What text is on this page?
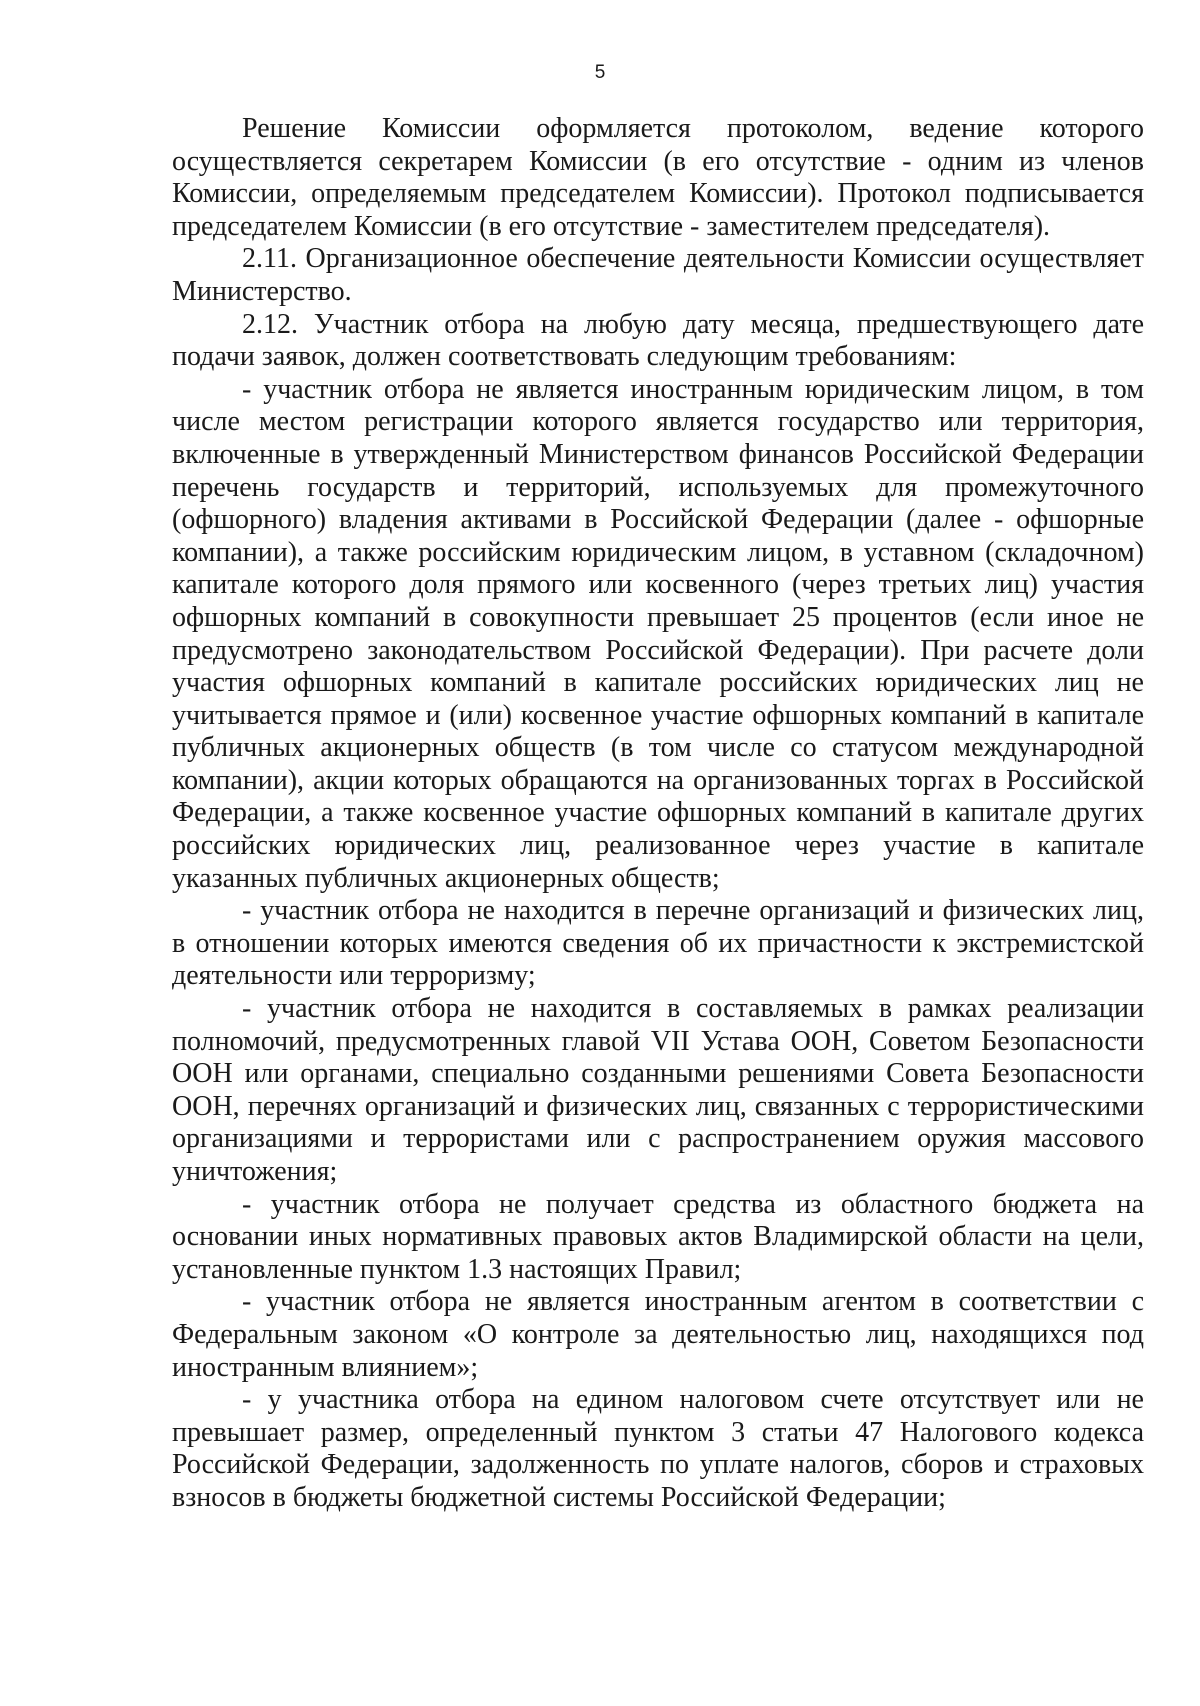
5

Решение Комиссии оформляется протоколом, ведение которого осуществляется секретарем Комиссии (в его отсутствие - одним из членов Комиссии, определяемым председателем Комиссии). Протокол подписывается председателем Комиссии (в его отсутствие - заместителем председателя).

2.11. Организационное обеспечение деятельности Комиссии осуществляет Министерство.

2.12. Участник отбора на любую дату месяца, предшествующего дате подачи заявок, должен соответствовать следующим требованиям:

- участник отбора не является иностранным юридическим лицом, в том числе местом регистрации которого является государство или территория, включенные в утвержденный Министерством финансов Российской Федерации перечень государств и территорий, используемых для промежуточного (офшорного) владения активами в Российской Федерации (далее - офшорные компании), а также российским юридическим лицом, в уставном (складочном) капитале которого доля прямого или косвенного (через третьих лиц) участия офшорных компаний в совокупности превышает 25 процентов (если иное не предусмотрено законодательством Российской Федерации). При расчете доли участия офшорных компаний в капитале российских юридических лиц не учитывается прямое и (или) косвенное участие офшорных компаний в капитале публичных акционерных обществ (в том числе со статусом международной компании), акции которых обращаются на организованных торгах в Российской Федерации, а также косвенное участие офшорных компаний в капитале других российских юридических лиц, реализованное через участие в капитале указанных публичных акционерных обществ;

- участник отбора не находится в перечне организаций и физических лиц, в отношении которых имеются сведения об их причастности к экстремистской деятельности или терроризму;

- участник отбора не находится в составляемых в рамках реализации полномочий, предусмотренных главой VII Устава ООН, Советом Безопасности ООН или органами, специально созданными решениями Совета Безопасности ООН, перечнях организаций и физических лиц, связанных с террористическими организациями и террористами или с распространением оружия массового уничтожения;

- участник отбора не получает средства из областного бюджета на основании иных нормативных правовых актов Владимирской области на цели, установленные пунктом 1.3 настоящих Правил;

- участник отбора не является иностранным агентом в соответствии с Федеральным законом «О контроле за деятельностью лиц, находящихся под иностранным влиянием»;

- у участника отбора на едином налоговом счете отсутствует или не превышает размер, определенный пунктом 3 статьи 47 Налогового кодекса Российской Федерации, задолженность по уплате налогов, сборов и страховых взносов в бюджеты бюджетной системы Российской Федерации;
